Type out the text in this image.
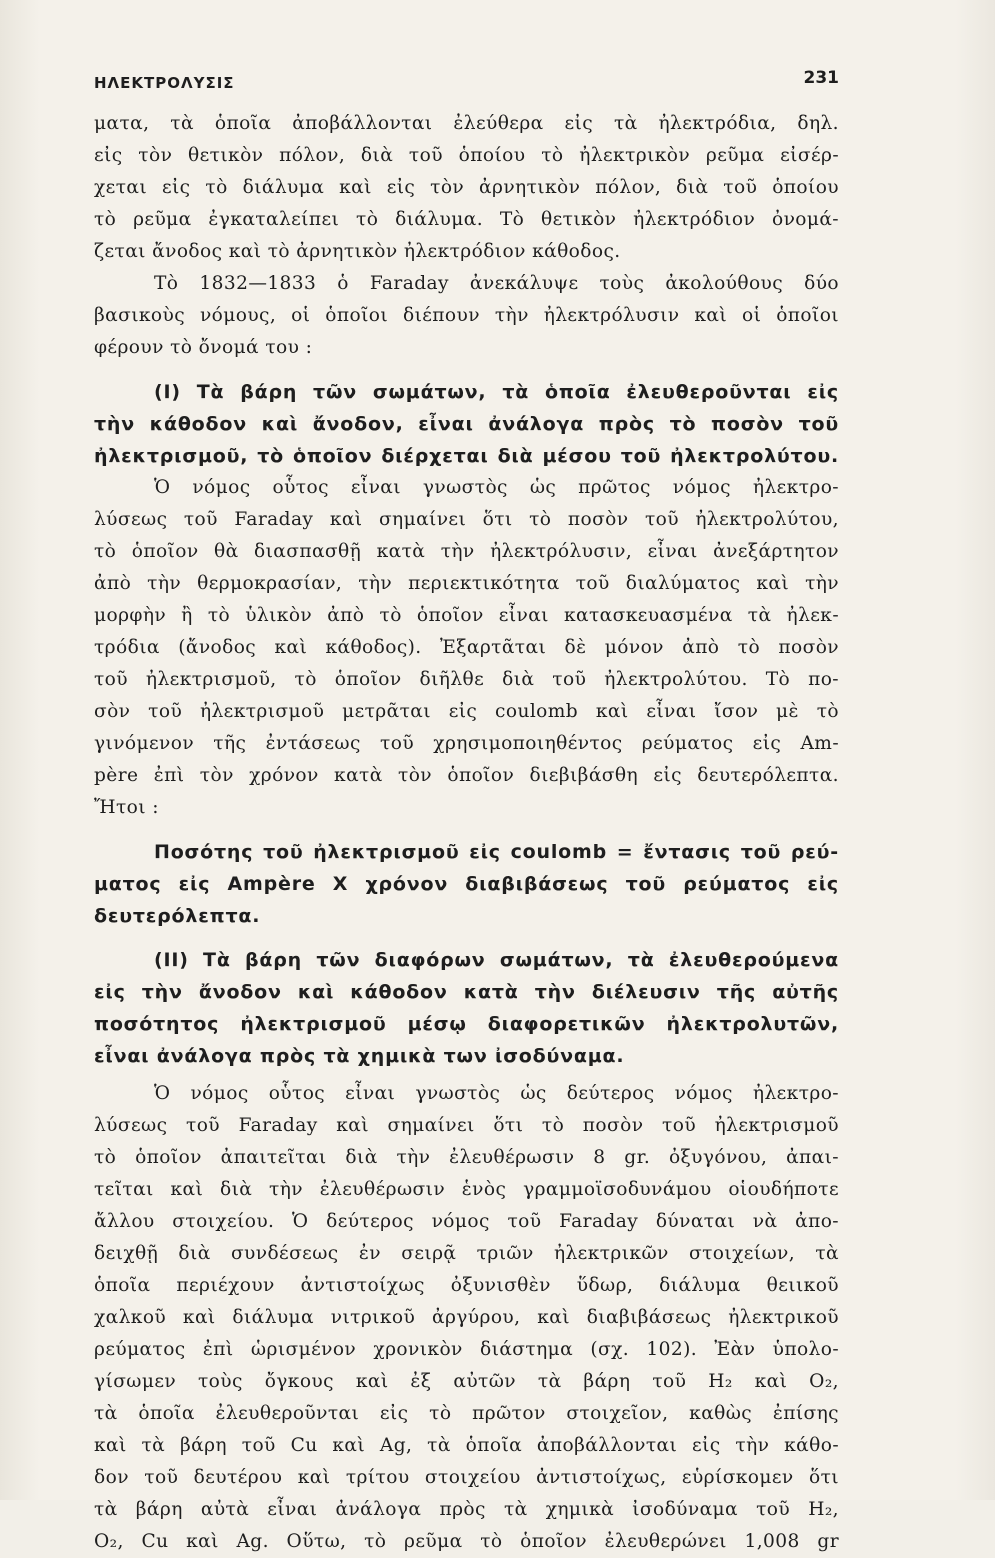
ΗΛΕΚΤΡΟΛΥΣΙΣ	231
ματα, τὰ ὁποῖα ἀποβάλλονται ἐλεύθερα εἰς τὰ ἠλεκτρόδια, δηλ.
εἰς τὸν θετικὸν πόλον, διὰ τοῦ ὁποίου τὸ ἠλεκτρικὸν ρεῦμα εἰσέρ-
χεται εἰς τὸ διάλυμα καὶ εἰς τὸν ἀρνητικὸν πόλον, διὰ τοῦ ὁποίου
τὸ ρεῦμα ἐγκαταλείπει τὸ διάλυμα. Τὸ θετικὸν ἠλεκτρόδιον ὀνομά-
ζεται ἄνοδος καὶ τὸ ἀρνητικὸν ἠλεκτρόδιον κάθοδος.
Τὸ 1832—1833 ὁ Faraday ἀνεκάλυψε τοὺς ἀκολούθους δύο
βασικοὺς νόμους, οἱ ὁποῖοι διέπουν τὴν ἠλεκτρόλυσιν καὶ οἱ ὁποῖοι
φέρουν τὸ ὄνομά του :
(Ι) Τὰ βάρη τῶν σωμάτων, τὰ ὁποῖα ἐλευθεροῦνται εἰς
τὴν κάθοδον καὶ ἄνοδον, εἶναι ἀνάλογα πρὸς τὸ ποσὸν τοῦ
ἠλεκτρισμοῦ, τὸ ὁποῖον διέρχεται διὰ μέσου τοῦ ἠλεκτρολύτου.
Ὁ νόμος οὗτος εἶναι γνωστὸς ὡς πρῶτος νόμος ἠλεκτρο-
λύσεως τοῦ Faraday καὶ σημαίνει ὅτι τὸ ποσὸν τοῦ ἠλεκτρολύτου,
τὸ ὁποῖον θὰ διασπασθῇ κατὰ τὴν ἠλεκτρόλυσιν, εἶναι ἀνεξάρτητον
ἀπὸ τὴν θερμοκρασίαν, τὴν περιεκτικότητα τοῦ διαλύματος καὶ τὴν
μορφὴν ἢ τὸ ὑλικὸν ἀπὸ τὸ ὁποῖον εἶναι κατασκευασμένα τὰ ἠλεκ-
τρόδια (ἄνοδος καὶ κάθοδος). Ἐξαρτᾶται δὲ μόνον ἀπὸ τὸ ποσὸν
τοῦ ἠλεκτρισμοῦ, τὸ ὁποῖον διῆλθε διὰ τοῦ ἠλεκτρολύτου. Τὸ πο-
σὸν τοῦ ἠλεκτρισμοῦ μετρᾶται εἰς coulomb καὶ εἶναι ἴσον μὲ τὸ
γινόμενον τῆς ἐντάσεως τοῦ χρησιμοποιηθέντος ρεύματος εἰς Am-
père ἐπὶ τὸν χρόνον κατὰ τὸν ὁποῖον διεβιβάσθη εἰς δευτερόλεπτα.
Ἤτοι :
Ποσότης τοῦ ἠλεκτρισμοῦ εἰς coulomb = ἔντασις τοῦ ρεύ-
ματος εἰς Ampère X χρόνον διαβιβάσεως τοῦ ρεύματος εἰς
δευτερόλεπτα.
(ΙΙ) Τὰ βάρη τῶν διαφόρων σωμάτων, τὰ ἐλευθερούμενα
εἰς τὴν ἄνοδον καὶ κάθοδον κατὰ τὴν διέλευσιν τῆς αὐτῆς
ποσότητος ἠλεκτρισμοῦ μέσῳ διαφορετικῶν ἠλεκτρολυτῶν,
εἶναι ἀνάλογα πρὸς τὰ χημικὰ των ἰσοδύναμα.
Ὁ νόμος οὗτος εἶναι γνωστὸς ὡς δεύτερος νόμος ἠλεκτρο-
λύσεως τοῦ Faraday καὶ σημαίνει ὅτι τὸ ποσὸν τοῦ ἠλεκτρισμοῦ
τὸ ὁποῖον ἀπαιτεῖται διὰ τὴν ἐλευθέρωσιν 8 gr. ὀξυγόνου, ἀπαι-
τεῖται καὶ διὰ τὴν ἐλευθέρωσιν ἑνὸς γραμμοϊσοδυνάμου οἱουδήποτε
ἄλλου στοιχείου. Ὁ δεύτερος νόμος τοῦ Faraday δύναται νὰ ἀπο-
δειχθῇ διὰ συνδέσεως ἐν σειρᾷ τριῶν ἠλεκτρικῶν στοιχείων, τὰ
ὁποῖα περιέχουν ἀντιστοίχως ὀξυνισθὲν ὕδωρ, διάλυμα θειικοῦ
χαλκοῦ καὶ διάλυμα νιτρικοῦ ἀργύρου, καὶ διαβιβάσεως ἠλεκτρικοῦ
ρεύματος ἐπὶ ὡρισμένον χρονικὸν διάστημα (σχ. 102). Ἐὰν ὑπολο-
γίσωμεν τοὺς ὄγκους καὶ ἐξ αὐτῶν τὰ βάρη τοῦ H₂ καὶ O₂,
τὰ ὁποῖα ἐλευθεροῦνται εἰς τὸ πρῶτον στοιχεῖον, καθὼς ἐπίσης
καὶ τὰ βάρη τοῦ Cu καὶ Ag, τὰ ὁποῖα ἀποβάλλονται εἰς τὴν κάθο-
δον τοῦ δευτέρου καὶ τρίτου στοιχείου ἀντιστοίχως, εὑρίσκομεν ὅτι
τὰ βάρη αὐτὰ εἶναι ἀνάλογα πρὸς τὰ χημικὰ ἰσοδύναμα τοῦ H₂,
O₂, Cu καὶ Ag. Οὕτω, τὸ ρεῦμα τὸ ὁποῖον ἐλευθερώνει 1,008 gr
